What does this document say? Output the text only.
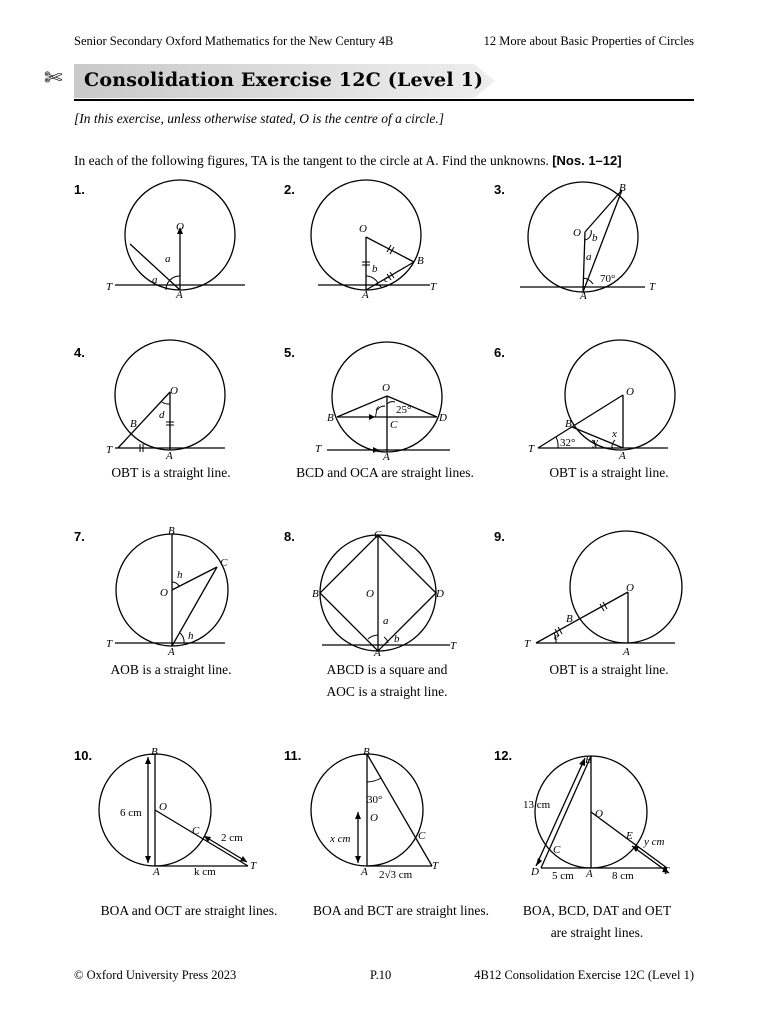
Senior Secondary Oxford Mathematics for the New Century 4B	12 More about Basic Properties of Circles
✄ Consolidation Exercise 12C (Level 1)
[In this exercise, unless otherwise stated, O is the centre of a circle.]
In each of the following figures, TA is the tangent to the circle at A. Find the unknowns. [Nos. 1–12]
1.	2.	3.
4.	5.	6.
7.	8.	9.
10.	11.	12.
O
a
a
T
A
O
b
c
B
T
A
O b
a
70°
B
T
A
O
d
B
T	A
OBT is a straight line.
O
f 25°
B	D
C
T
A
BCD and OCA are straight lines.
O
B
32° y
x
T
A
OBT is a straight line.
B
O
h
h
C
T
A
AOB is a straight line.
C
B	D
O
a
b
T
A
ABCD is a square and
AOC is a straight line.
O
B
e
T
A
OBT is a straight line.
B
O
6 cm
C
2 cm
T
A	k cm
BOA and OCT are straight lines.
B
30°
O
x cm	C
T
A 2√3 cm
BOA and BCT are straight lines.
B
O
13 cm
C
E y cm
D 5 cm A 8 cm	T
BOA, BCD, DAT and OET
are straight lines.
© Oxford University Press 2023	P.10	4B12 Consolidation Exercise 12C (Level 1)
